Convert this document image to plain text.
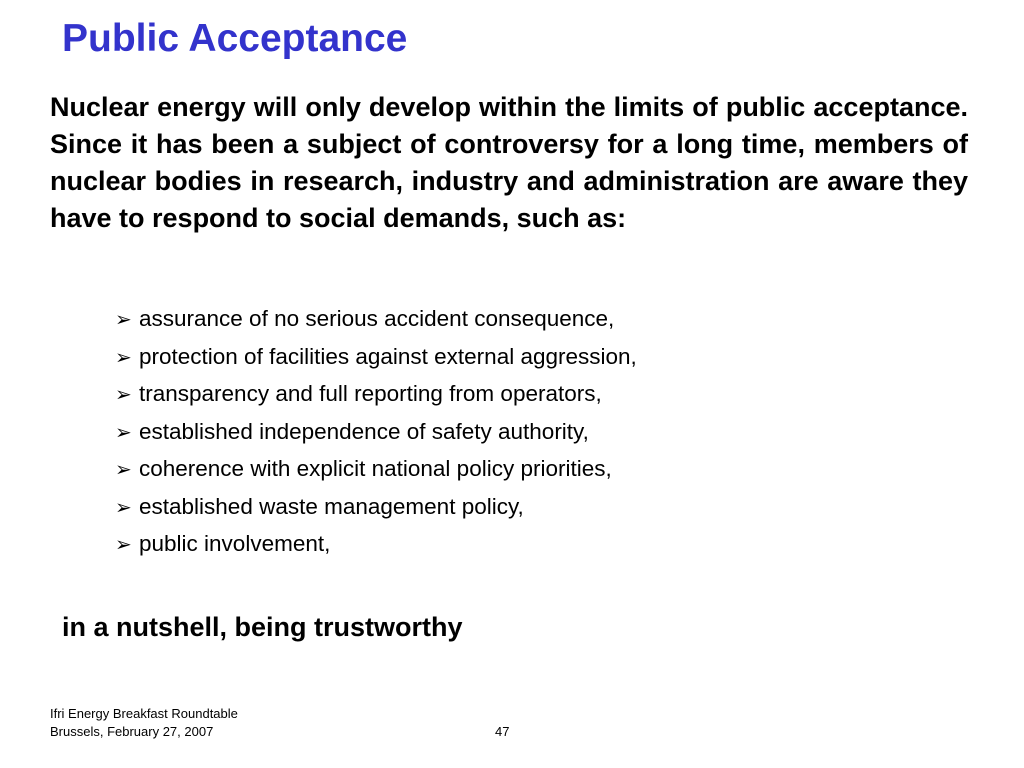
Public Acceptance

Nuclear energy will only develop within the limits of public acceptance. Since it has been a subject of controversy for a long time, members of nuclear bodies in research, industry and administration are aware they have to respond to social demands, such as:

➢ assurance of no serious accident consequence,
➢ protection of facilities against external aggression,
➢ transparency and full reporting from operators,
➢ established independence of safety authority,
➢ coherence with explicit national policy priorities,
➢ established waste management policy,
➢ public involvement,

in a nutshell, being trustworthy

Ifri Energy Breakfast Roundtable
Brussels, February 27, 2007	47
